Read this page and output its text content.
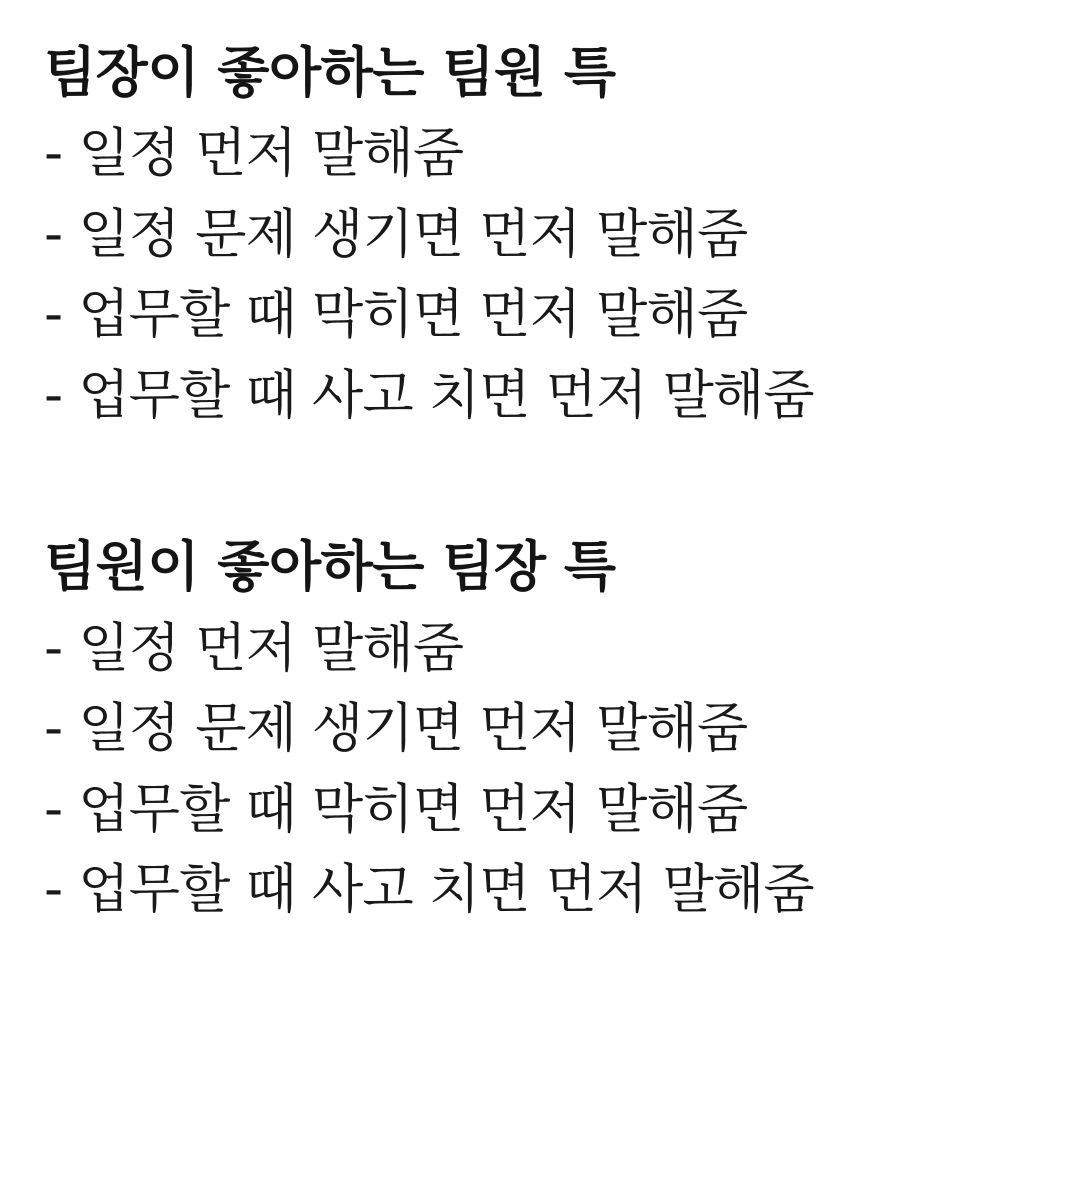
팀장이 좋아하는 팀원 특

- 일정 먼저 말해줌

- 일정 문제 생기면 먼저 말해줌

- 업무할 때 막히면 먼저 말해줌

- 업무할 때 사고 치면 먼저 말해줌

팀원이 좋아하는 팀장 특

- 일정 먼저 말해줌

- 일정 문제 생기면 먼저 말해줌

- 업무할 때 막히면 먼저 말해줌

- 업무할 때 사고 치면 먼저 말해줌
